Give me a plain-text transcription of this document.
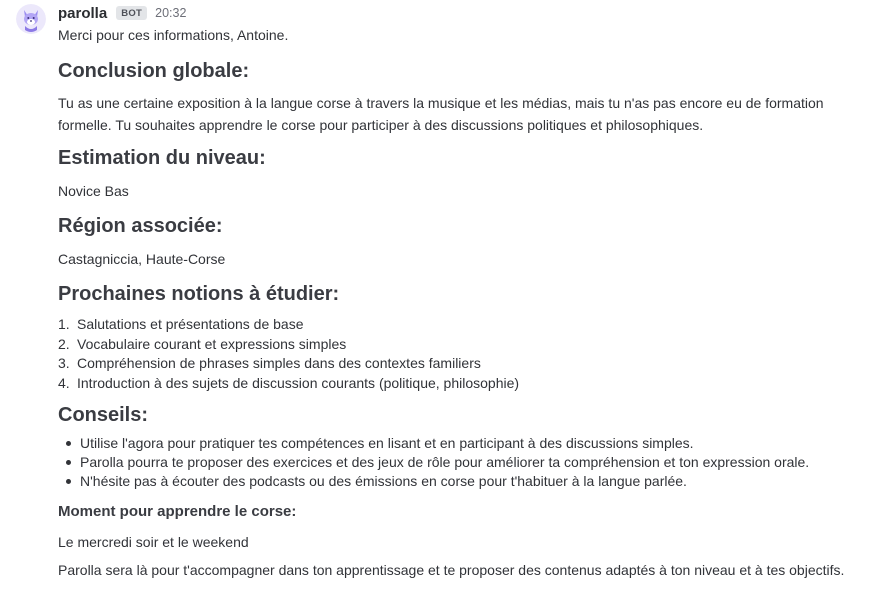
parolla	BOT	20:32

Merci pour ces informations, Antoine.

Conclusion globale:

Tu as une certaine exposition à la langue corse à travers la musique et les médias, mais tu n'as pas encore eu de formation

formelle. Tu souhaites apprendre le corse pour participer à des discussions politiques et philosophiques.

Estimation du niveau:

Novice Bas

Région associée:

Castagniccia, Haute-Corse

Prochaines notions à étudier:
1. Salutations et présentations de base
2. Vocabulaire courant et expressions simples
3. Compréhension de phrases simples dans des contextes familiers
4. Introduction à des sujets de discussion courants (politique, philosophie)
Conseils:
Utilise l'agora pour pratiquer tes compétences en lisant et en participant à des discussions simples.
Parolla pourra te proposer des exercices et des jeux de rôle pour améliorer ta compréhension et ton expression orale.
N'hésite pas à écouter des podcasts ou des émissions en corse pour t'habituer à la langue parlée.
Moment pour apprendre le corse:

Le mercredi soir et le weekend

Parolla sera là pour t'accompagner dans ton apprentissage et te proposer des contenus adaptés à ton niveau et à tes objectifs.
